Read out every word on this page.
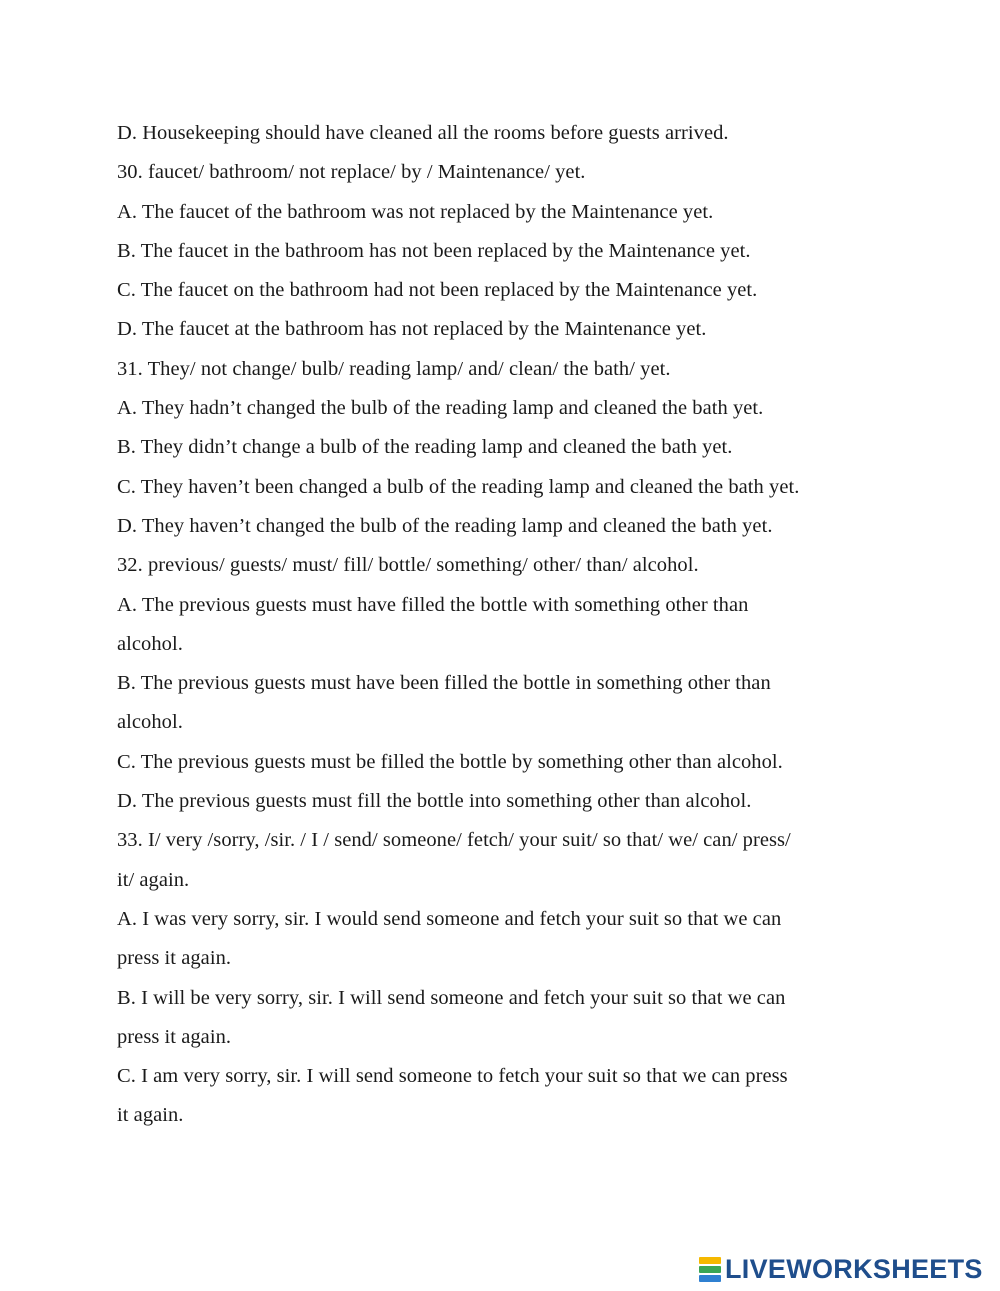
D. Housekeeping should have cleaned all the rooms before guests arrived.
30. faucet/ bathroom/ not replace/ by / Maintenance/ yet.
A. The faucet of the bathroom was not replaced by the Maintenance yet.
B. The faucet in the bathroom has not been replaced by the Maintenance yet.
C. The faucet on the bathroom had not been replaced by the Maintenance yet.
D. The faucet at the bathroom has not replaced by the Maintenance yet.
31. They/ not change/ bulb/ reading lamp/ and/ clean/ the bath/ yet.
A. They hadn’t changed the bulb of the reading lamp and cleaned the bath yet.
B. They didn’t change a bulb of the reading lamp and cleaned the bath yet.
C. They haven’t been changed a bulb of the reading lamp and cleaned the bath yet.
D. They haven’t changed the bulb of the reading lamp and cleaned the bath yet.
32. previous/ guests/ must/ fill/ bottle/ something/ other/ than/ alcohol.
A. The previous guests must have filled the bottle with something other than
alcohol.
B. The previous guests must have been filled the bottle in something other than
alcohol.
C. The previous guests must be filled the bottle by something other than alcohol.
D. The previous guests must fill the bottle into something other than alcohol.
33. I/ very /sorry, /sir. / I / send/ someone/ fetch/ your suit/ so that/ we/ can/ press/
it/ again.
A. I was very sorry, sir. I would send someone and fetch your suit so that we can
press it again.
B. I will be very sorry, sir. I will send someone and fetch your suit so that we can
press it again.
C. I am very sorry, sir. I will send someone to fetch your suit so that we can press
it again.
LIVEWORKSHEETS
